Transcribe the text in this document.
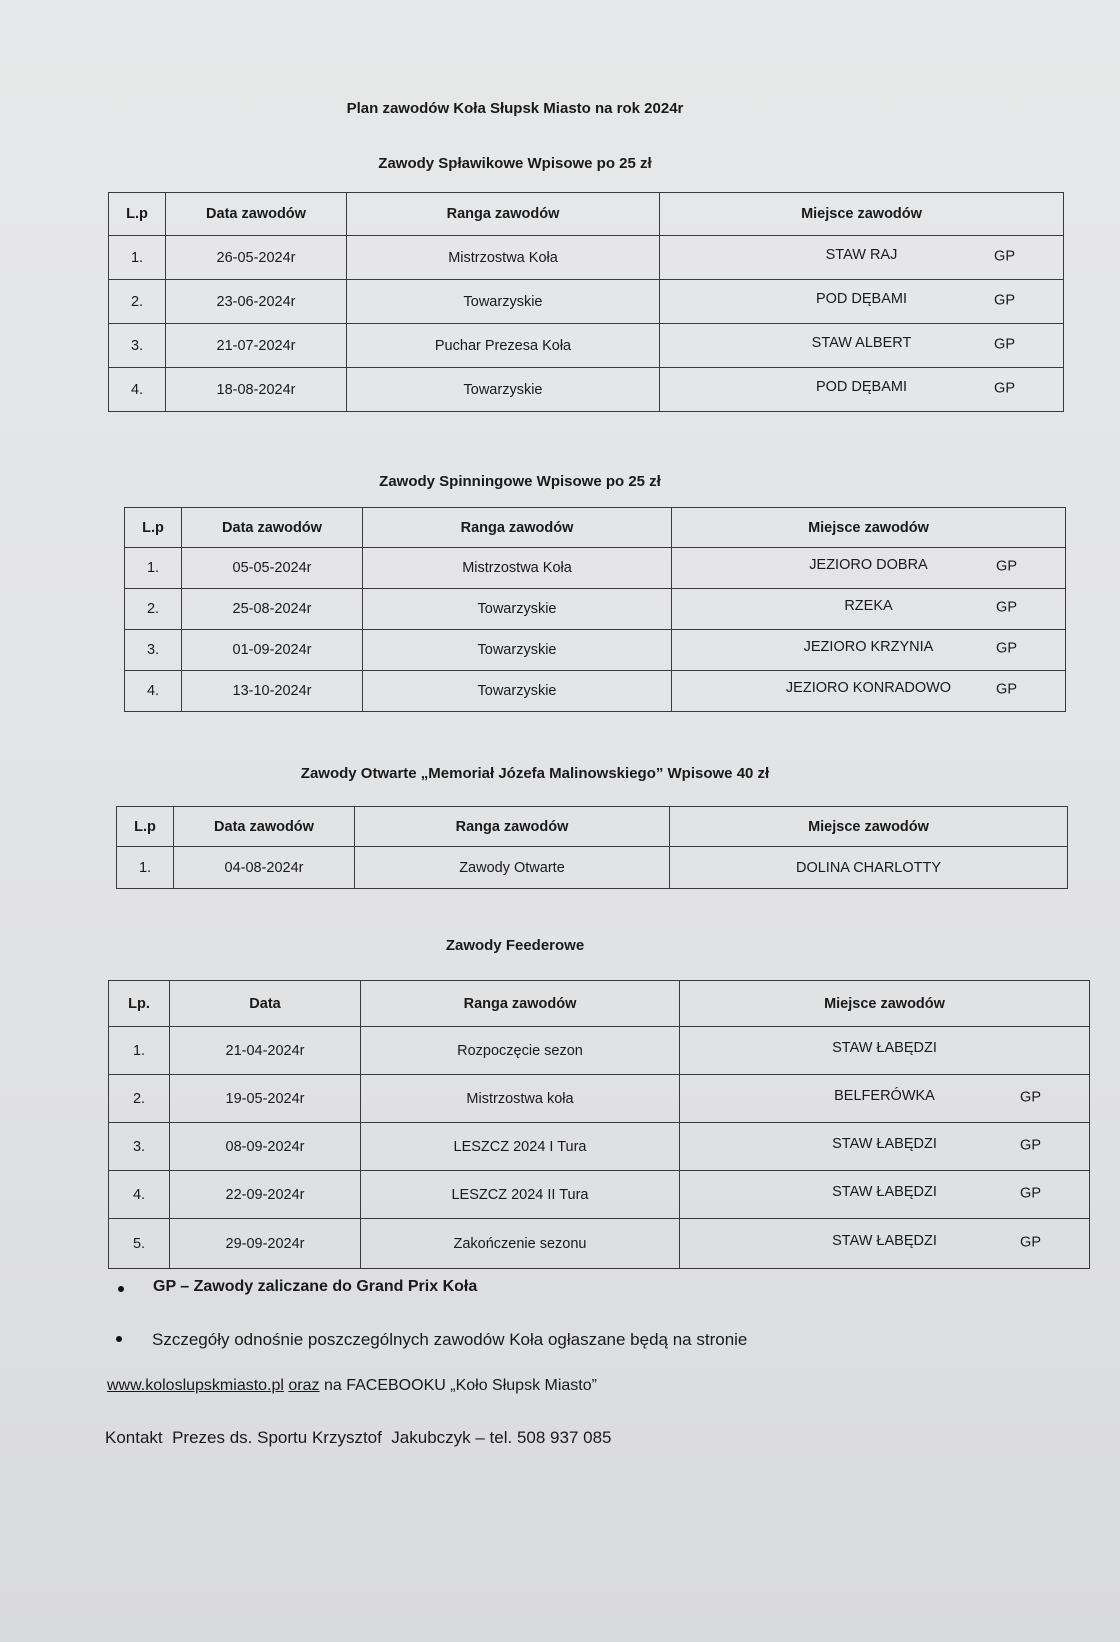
Plan zawodów Koła Słupsk Miasto na rok 2024r
Zawody Spławikowe Wpisowe po 25 zł
L.p	Data zawodów	Ranga zawodów	Miejsce zawodów
1.	26-05-2024r	Mistrzostwa Koła	STAW RAJ GP

2.	23-06-2024r	Towarzyskie	POD DĘBAMI GP

3.	21-07-2024r	Puchar Prezesa Koła	STAW ALBERT GP

4.	18-08-2024r	Towarzyskie	POD DĘBAMI GP
Zawody Spinningowe Wpisowe po 25 zł
L.p	Data zawodów	Ranga zawodów	Miejsce zawodów
1.	05-05-2024r	Mistrzostwa Koła	JEZIORO DOBRA GP

2.	25-08-2024r	Towarzyskie	RZEKA GP

3.	01-09-2024r	Towarzyskie	JEZIORO KRZYNIA GP

4.	13-10-2024r	Towarzyskie	JEZIORO KONRADOWO GP
Zawody Otwarte „Memoriał Józefa Malinowskiego” Wpisowe 40 zł
L.p	Data zawodów	Ranga zawodów	Miejsce zawodów
1.	04-08-2024r	Zawody Otwarte	DOLINA CHARLOTTY
Zawody Feederowe
Lp.	Data	Ranga zawodów	Miejsce zawodów
1.	21-04-2024r	Rozpoczęcie sezon	STAW ŁABĘDZI

2.	19-05-2024r	Mistrzostwa koła	BELFERÓWKA GP

3.	08-09-2024r	LESZCZ 2024 I Tura	STAW ŁABĘDZI GP

4.	22-09-2024r	LESZCZ 2024 II Tura	STAW ŁABĘDZI GP

5.	29-09-2024r	Zakończenie sezonu	STAW ŁABĘDZI GP
GP – Zawody zaliczane do Grand Prix Koła
Szczegóły odnośnie poszczególnych zawodów Koła ogłaszane będą na stronie
www.koloslupskmiasto.pl oraz na FACEBOOKU „Koło Słupsk Miasto”
Kontakt  Prezes ds. Sportu Krzysztof  Jakubczyk – tel. 508 937 085
